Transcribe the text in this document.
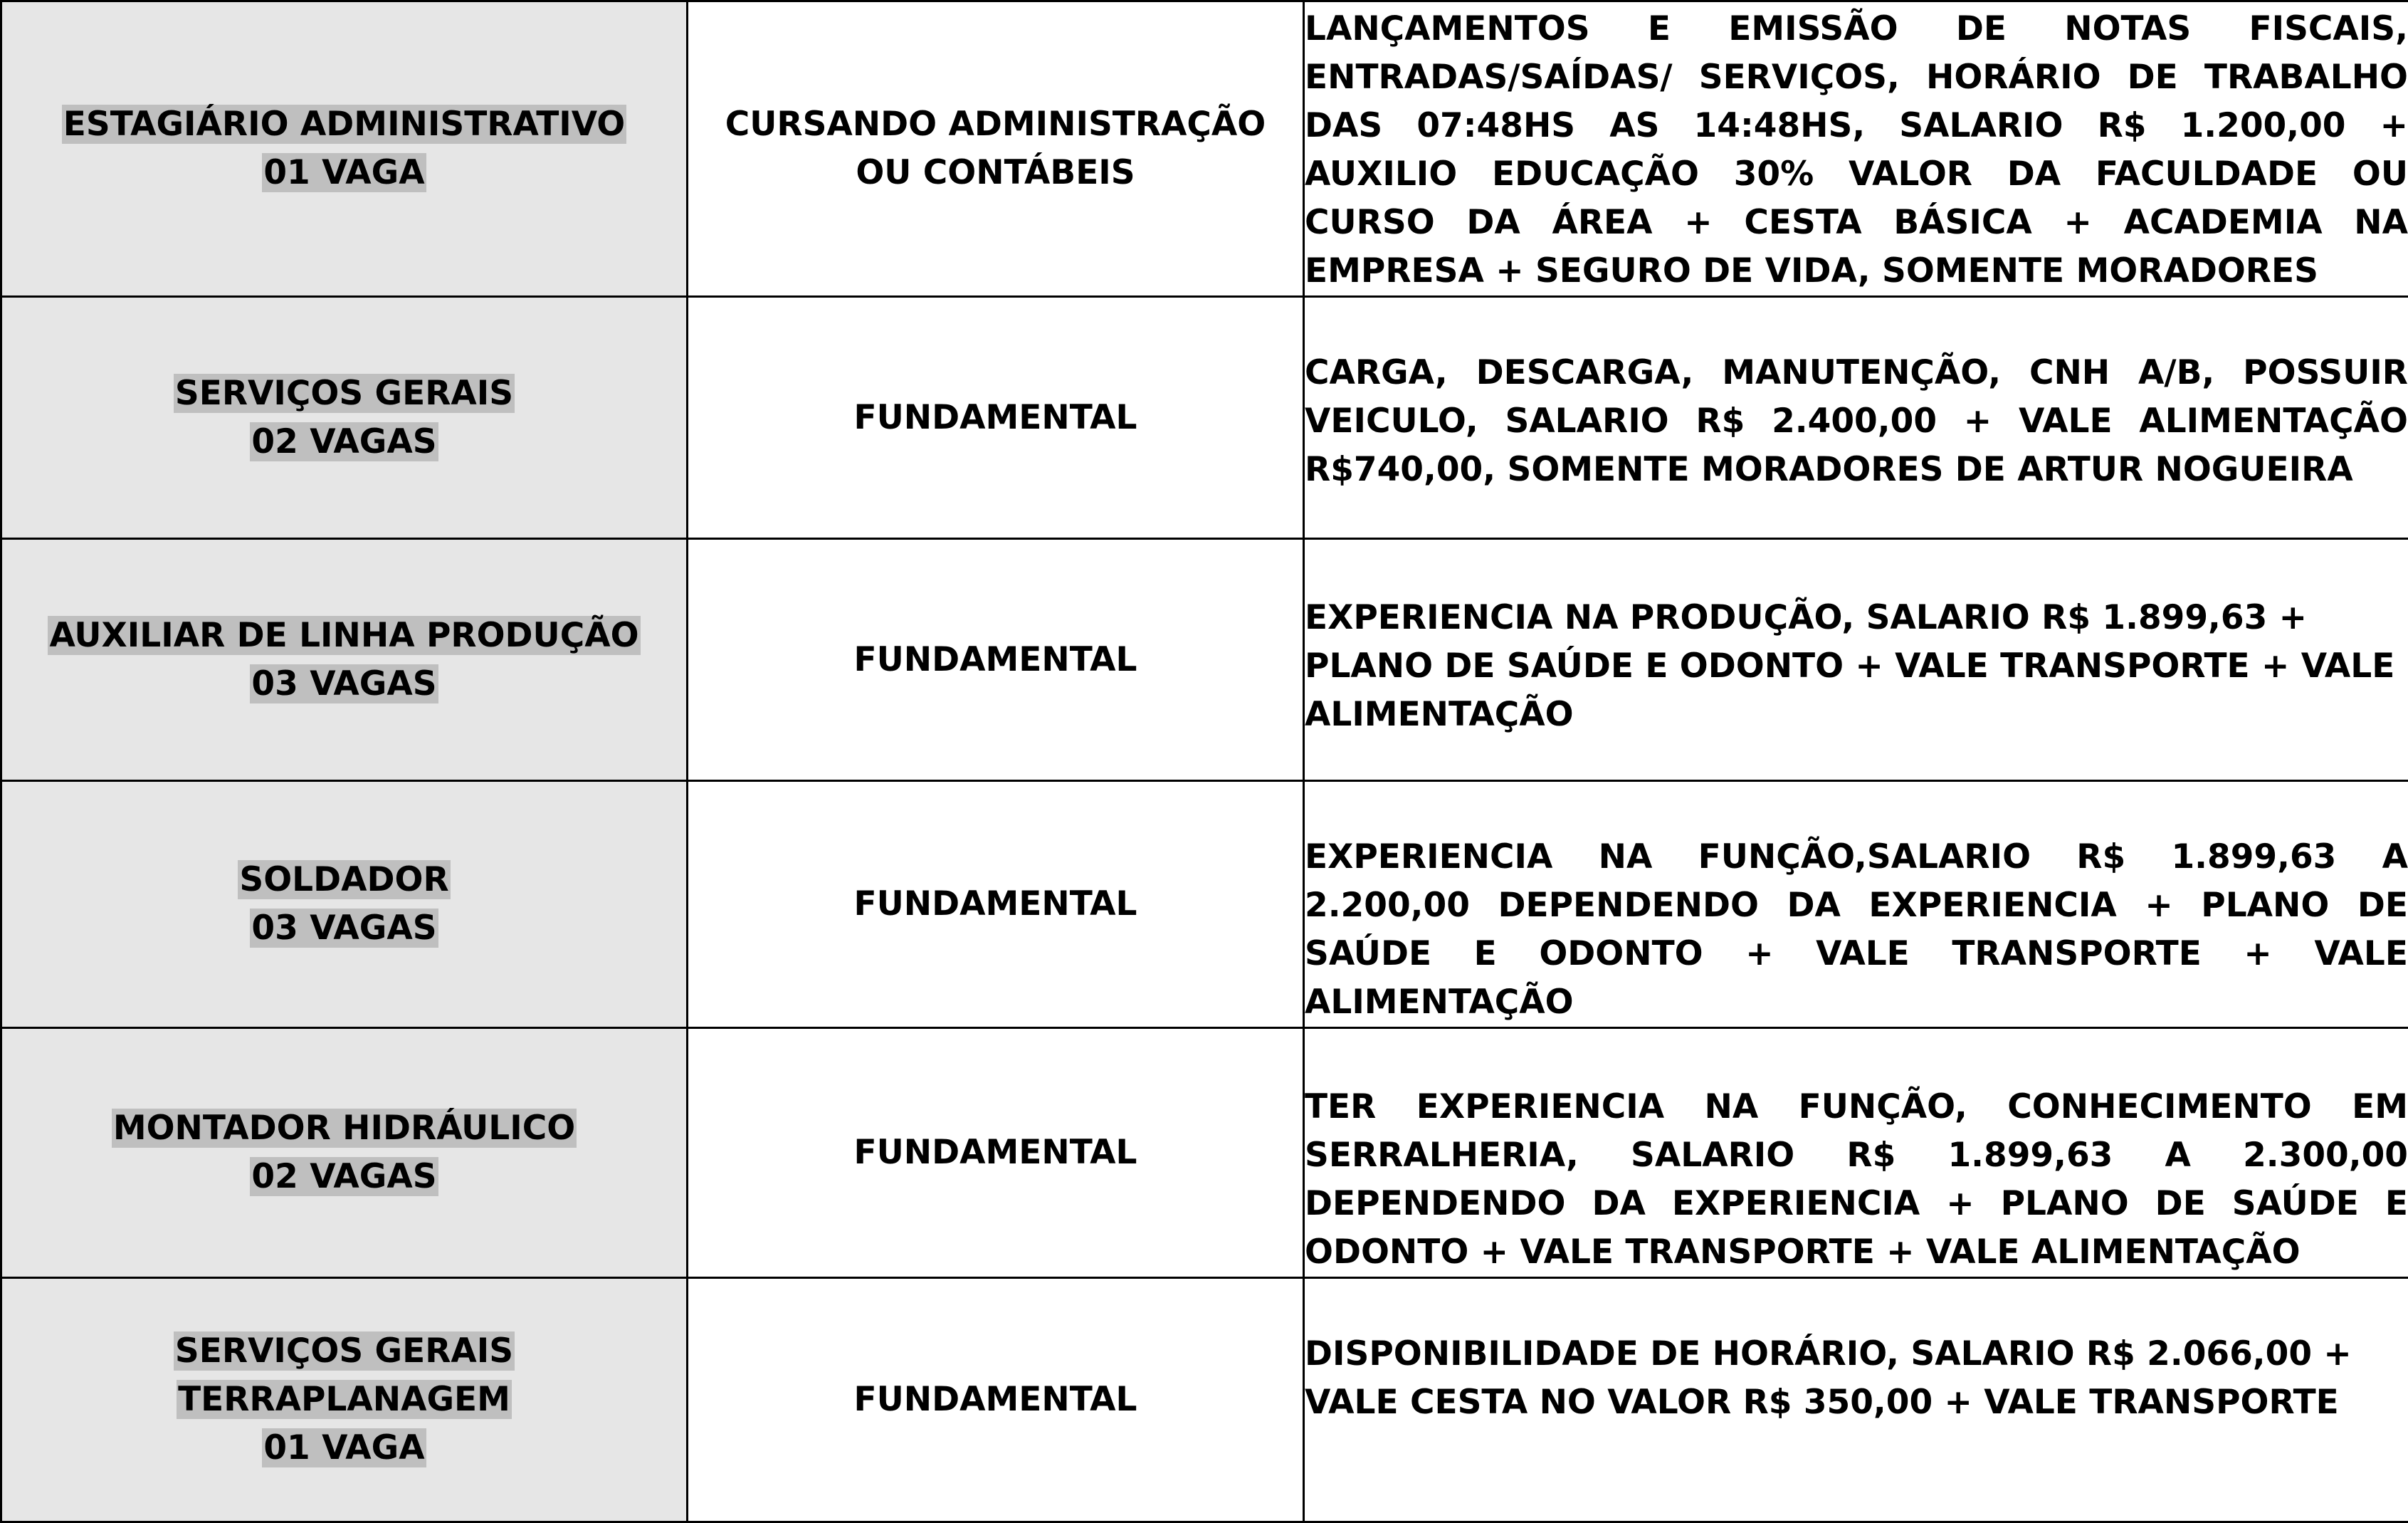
ESTAGIÁRIO ADMINISTRATIVO
01 VAGA	CURSANDO ADMINISTRAÇÃO
OU CONTÁBEIS	LANÇAMENTOS E EMISSÃO DE NOTAS FISCAIS, ENTRADAS/SAÍDAS/ SERVIÇOS, HORÁRIO DE TRABALHO DAS 07:48HS AS 14:48HS, SALARIO R$ 1.200,00 + AUXILIO EDUCAÇÃO 30% VALOR DA FACULDADE OU CURSO DA ÁREA + CESTA BÁSICA + ACADEMIA NA EMPRESA + SEGURO DE VIDA, SOMENTE MORADORES

SERVIÇOS GERAIS
02 VAGAS	FUNDAMENTAL	CARGA, DESCARGA, MANUTENÇÃO, CNH A/B, POSSUIR VEICULO, SALARIO R$ 2.400,00 + VALE ALIMENTAÇÃO R$740,00, SOMENTE MORADORES DE ARTUR NOGUEIRA

AUXILIAR DE LINHA PRODUÇÃO
03 VAGAS	FUNDAMENTAL	EXPERIENCIA NA PRODUÇÃO, SALARIO R$ 1.899,63 + PLANO DE SAÚDE E ODONTO + VALE TRANSPORTE + VALE ALIMENTAÇÃO

SOLDADOR
03 VAGAS	FUNDAMENTAL	EXPERIENCIA NA FUNÇÃO,SALARIO R$ 1.899,63 A 2.200,00 DEPENDENDO DA EXPERIENCIA + PLANO DE SAÚDE E ODONTO + VALE TRANSPORTE + VALE ALIMENTAÇÃO

MONTADOR HIDRÁULICO
02 VAGAS	FUNDAMENTAL	TER EXPERIENCIA NA FUNÇÃO, CONHECIMENTO EM SERRALHERIA, SALARIO R$ 1.899,63 A 2.300,00 DEPENDENDO DA EXPERIENCIA + PLANO DE SAÚDE E ODONTO + VALE TRANSPORTE + VALE ALIMENTAÇÃO

SERVIÇOS GERAIS
TERRAPLANAGEM
01 VAGA	FUNDAMENTAL	DISPONIBILIDADE DE HORÁRIO, SALARIO R$ 2.066,00 +
VALE CESTA NO VALOR R$ 350,00 + VALE TRANSPORTE
